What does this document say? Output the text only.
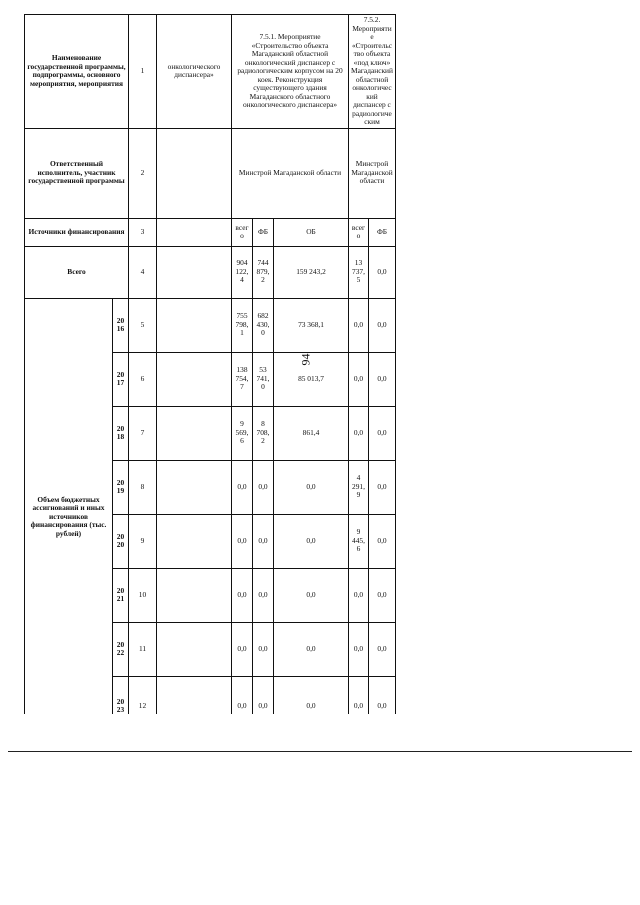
94
Наименование государственной программы, подпрограммы, основного мероприятия, мероприятия		1	онкологического диспансера»	7.5.1. Мероприятие «Строительство объекта Магаданский областной онкологический диспансер с радиологическим корпусом на 20 коек. Реконструкция существующего здания Магаданского областного онкологического диспансера»			7.5.2. Мероприятие «Строительство объекта «под ключ» Магаданский областной онкологический диспансер с радиологическим	
Ответственный исполнитель, участник государственной программы		2		Минстрой Магаданской области			Минстрой Магаданской области	
Источники финансирования		3		всего	ФБ	ОБ	всего	ФБ
Всего		4		904 122,4	744 879,2	159 243,2	13 737,5	0,0
Объем бюджетных ассигнований и иных источников финансирования (тыс. рублей)	2016	5		755 798,1	682 430,0	73 368,1	0,0	0,0
	2017	6		138 754,7	53 741,0	85 013,7	0,0	0,0
	2018	7		9 569,6	8 708,2	861,4	0,0	0,0
	2019	8		0,0	0,0	0,0	4 291,9	0,0
	2020	9		0,0	0,0	0,0	9 445,6	0,0
	2021	10		0,0	0,0	0,0	0,0	0,0
	2022	11		0,0	0,0	0,0	0,0	0,0
	2023	12		0,0	0,0	0,0	0,0	0,0
